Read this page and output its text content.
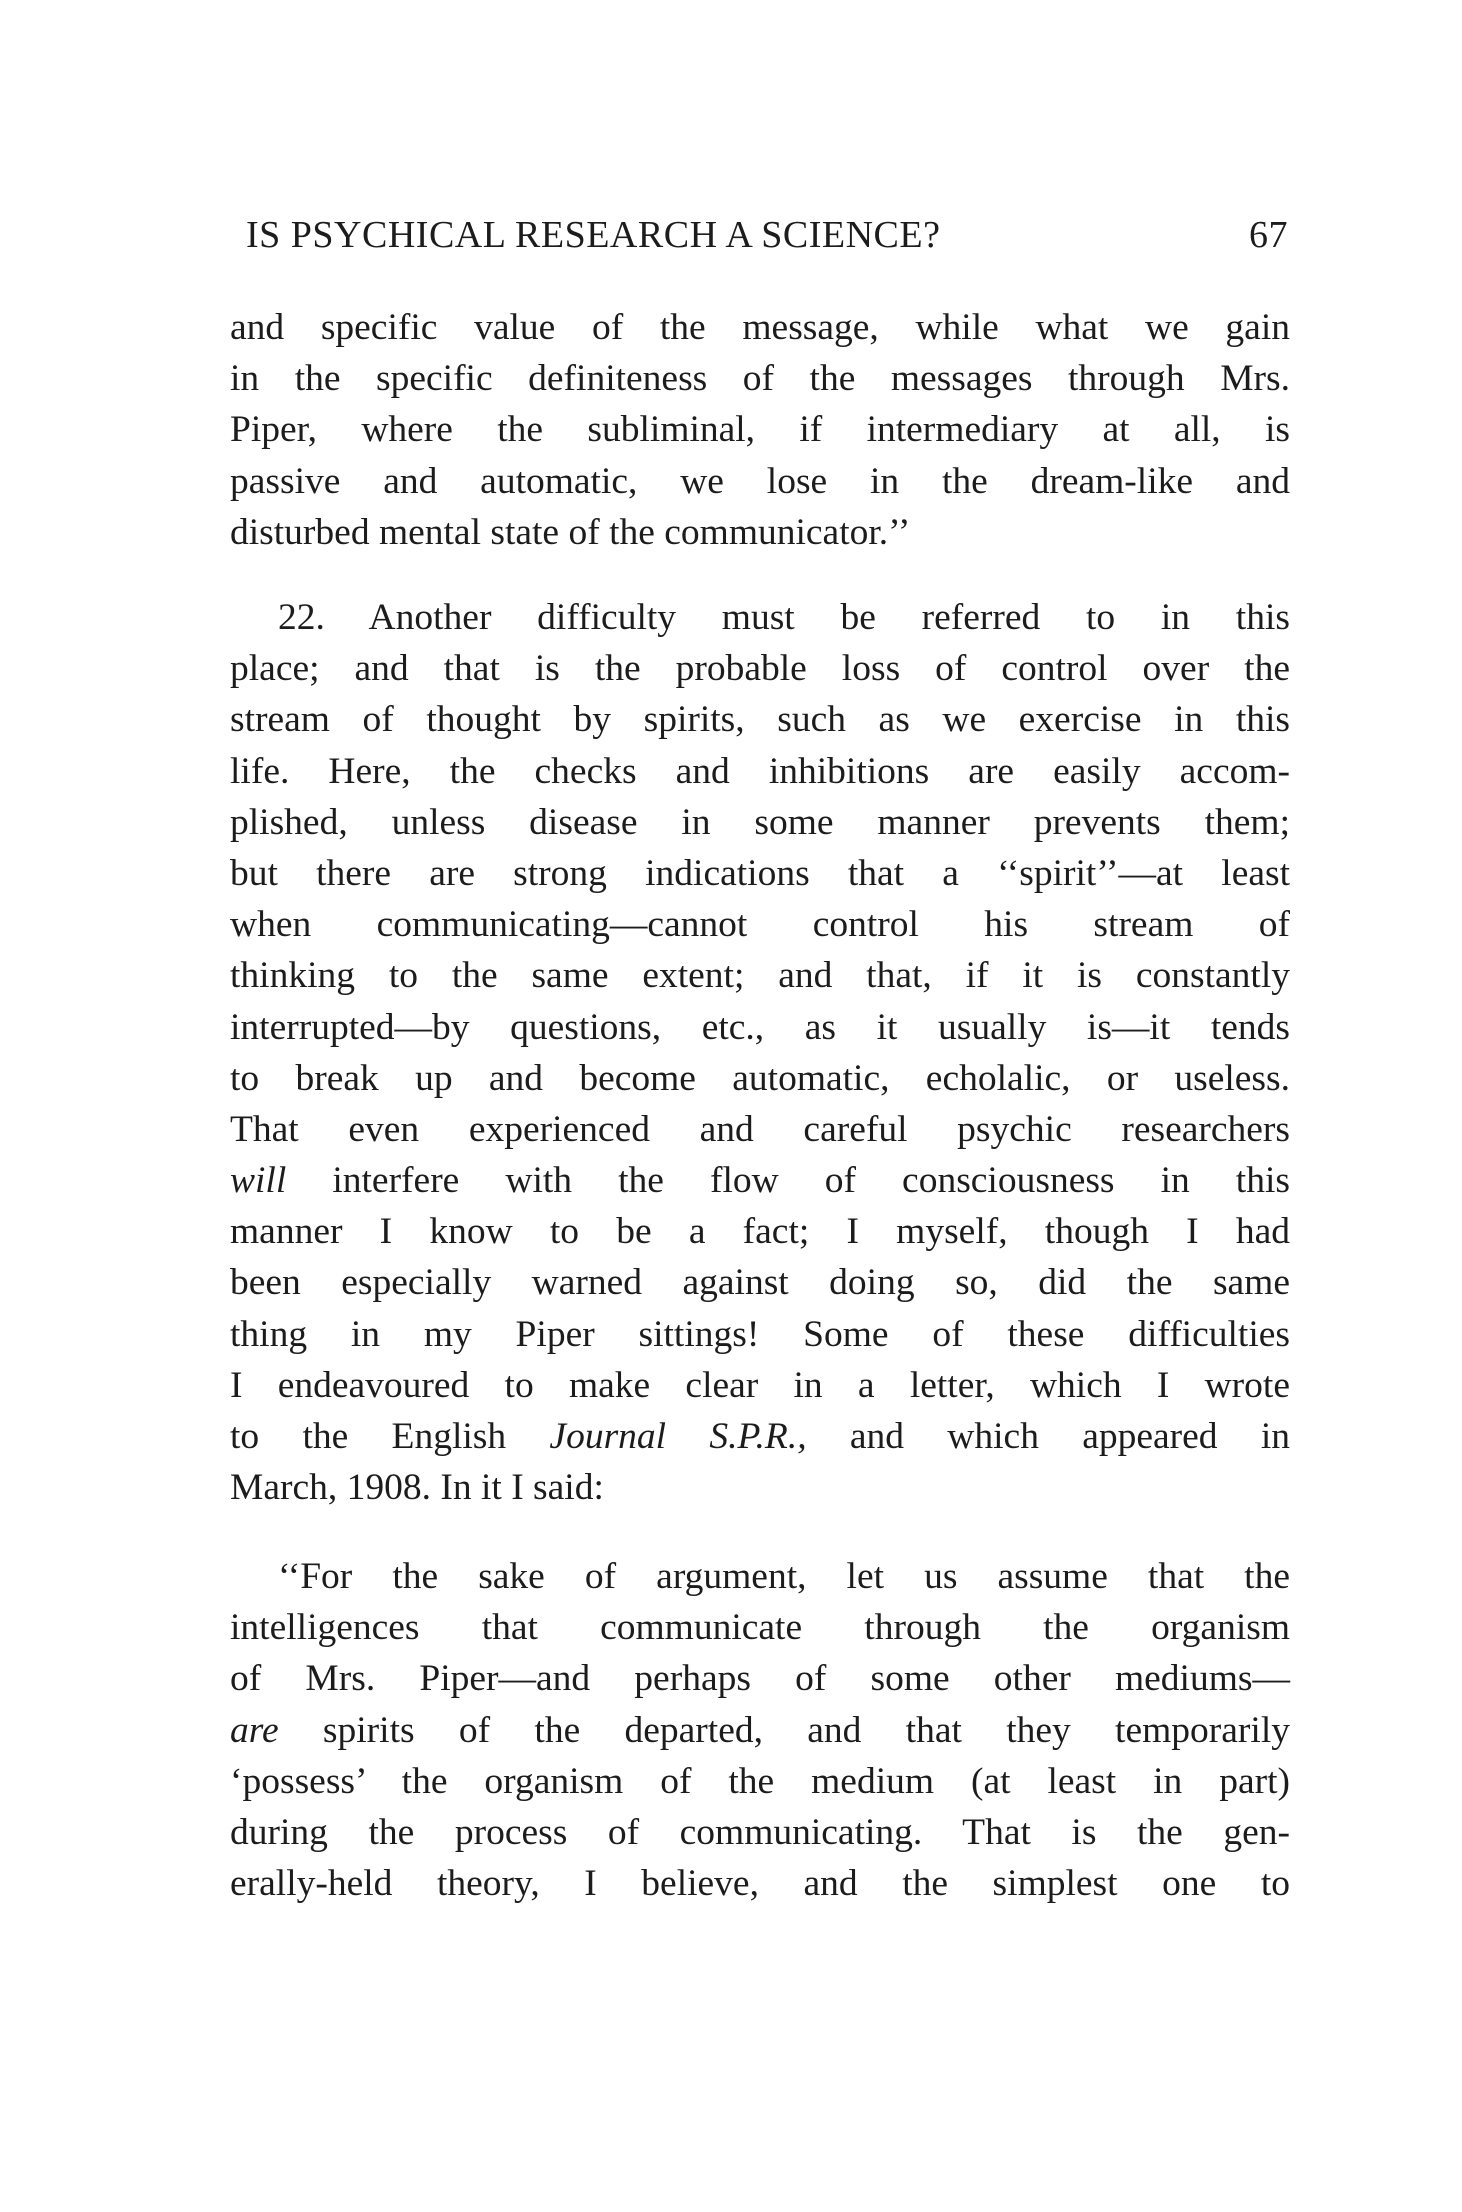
IS PSYCHICAL RESEARCH A SCIENCE?	67
and specific value of the message, while what we gain
in the specific definiteness of the messages through Mrs.
Piper, where the subliminal, if intermediary at all, is
passive and automatic, we lose in the dream-like and
disturbed mental state of the communicator.’’
22. Another difficulty must be referred to in this
place; and that is the probable loss of control over the
stream of thought by spirits, such as we exercise in this
life. Here, the checks and inhibitions are easily accom-
plished, unless disease in some manner prevents them;
but there are strong indications that a ‘‘spirit’’—at least
when communicating—cannot control his stream of
thinking to the same extent; and that, if it is constantly
interrupted—by questions, etc., as it usually is—it tends
to break up and become automatic, echolalic, or useless.
That even experienced and careful psychic researchers
will interfere with the flow of consciousness in this
manner I know to be a fact; I myself, though I had
been especially warned against doing so, did the same
thing in my Piper sittings! Some of these difficulties
I endeavoured to make clear in a letter, which I wrote
to the English Journal S.P.R., and which appeared in
March, 1908. In it I said:
‘‘For the sake of argument, let us assume that the
intelligences that communicate through the organism
of Mrs. Piper—and perhaps of some other mediums—
are spirits of the departed, and that they temporarily
‘possess’ the organism of the medium (at least in part)
during the process of communicating. That is the gen-
erally-held theory, I believe, and the simplest one to
